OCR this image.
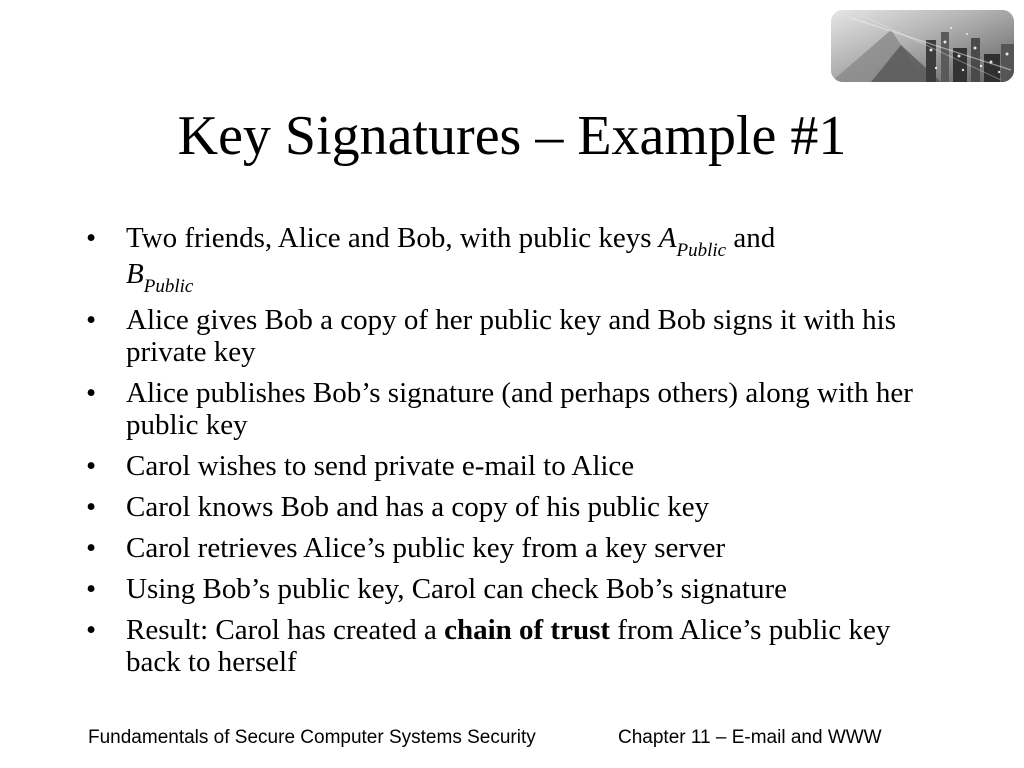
Key Signatures – Example #1
•	Two friends, Alice and Bob, with public keys $A_{Public}$ and
$B_{Public}$
•	Alice gives Bob a copy of her public key and Bob signs it with his private key
•	Alice publishes Bob’s signature (and perhaps others) along with her public key
•	Carol wishes to send private e-mail to Alice
•	Carol knows Bob and has a copy of his public key
•	Carol retrieves Alice’s public key from a key server
•	Using Bob’s public key, Carol can check Bob’s signature
•	Result: Carol has created a chain of trust from Alice’s public key back to herself
Fundamentals of Secure Computer Systems Security	Chapter 11 – E-mail and WWW
